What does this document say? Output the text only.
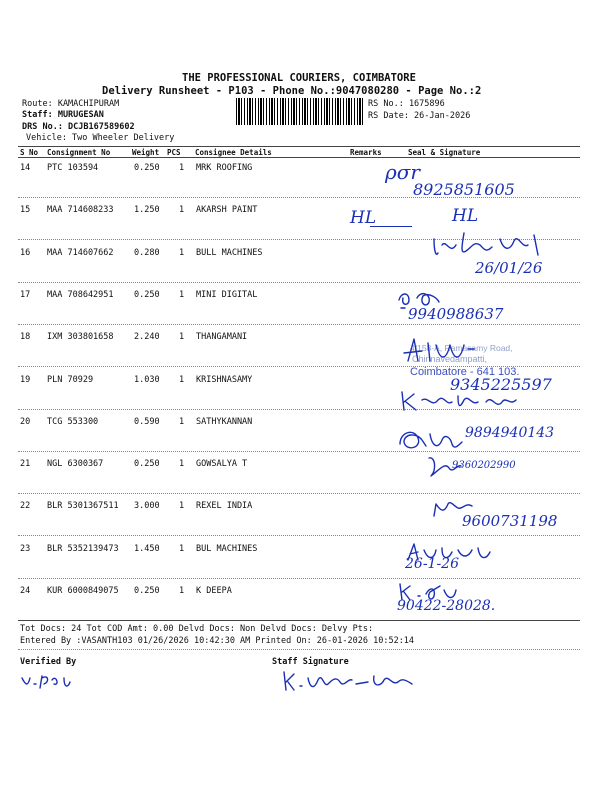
THE PROFESSIONAL COURIERS, COIMBATORE
Delivery Runsheet - P103 - Phone No.:9047080280 - Page No.:2
Route: KAMACHIPURAM
Staff: MURUGESAN
DRS No.: DCJB167589602
Vehicle: Two Wheeler Delivery
RS No.: 1675896
RS Date: 26-Jan-2026
S No Consignment No	Weight PCS Consignee Details	Remarks	Seal & Signature
14 PTC 103594	0.250 1 MRK ROOFING
15 MAA 714608233 1.250 1 AKARSH PAINT
16 MAA 714607662 0.280 1 BULL MACHINES
17 MAA 708642951 0.250 1 MINI DIGITAL
18 IXM 303801658 2.240 1 THANGAMANI
19 PLN 70929	1.030 1 KRISHNASAMY
20 TCG 553300	0.590 1 SATHYKANNAN
21 NGL 6300367	0.250 1 GOWSALYA T
22 BLR 5301367511 3.000 1 REXEL INDIA
23 BLR 5352139473 1.450 1 BUL MACHINES
24 KUR 6000849075 0.250 1 K DEEPA
ρσr
8925851605
HL	HL
26/01/26
9940988637
4/158-A, Ramasamy Road,
Chinnavedampatti,
Coimbatore - 641 103.
9345225597
9894940143
9360202990
9600731198
26-1-26
90422-28028.
Tot Docs: 24 Tot COD Amt: 0.00 Delvd Docs: Non Delvd Docs: Delvy Pts:
Entered By :VASANTH103 01/26/2026 10:42:30 AM Printed On: 26-01-2026 10:52:14
Verified By	Staff Signature
